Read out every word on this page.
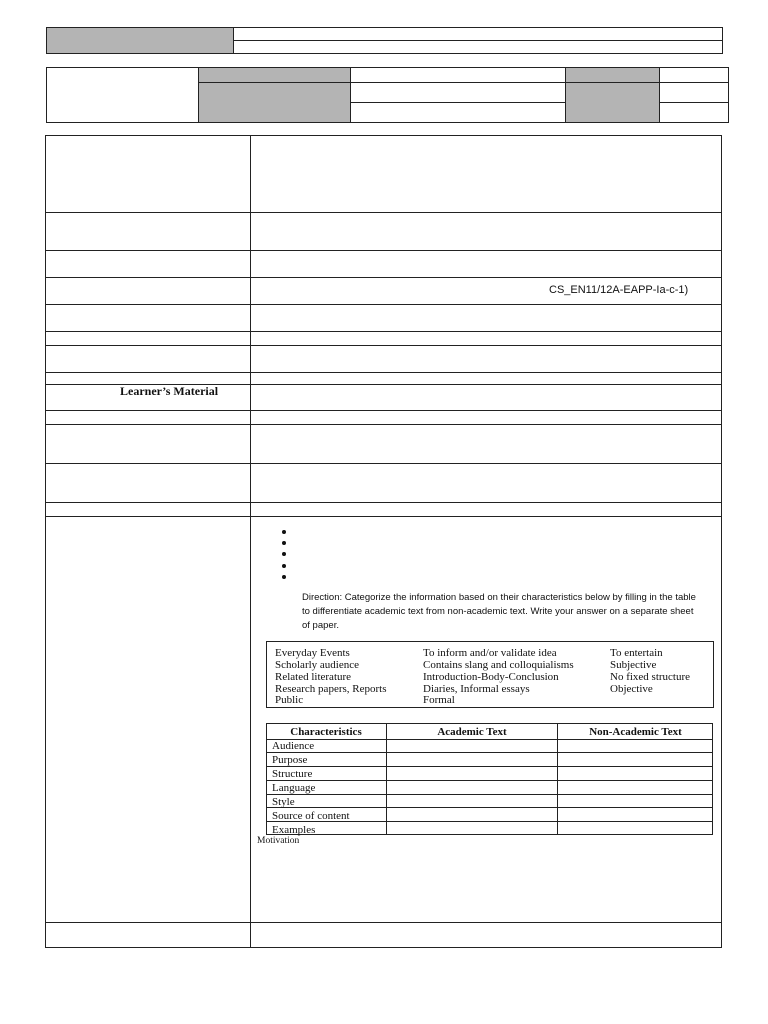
CS_EN11/12A-EAPP-Ia-c-1)
Learner’s Material
Direction: Categorize the information based on their characteristics below by filling in the table to differentiate academic text from non-academic text. Write your answer on a separate sheet of paper.
Everyday Events
Scholarly audience
Related literature
Research papers, Reports
Public
To inform and/or validate idea
Contains slang and colloquialisms
Introduction-Body-Conclusion
Diaries, Informal essays
Formal
To entertain
Subjective
No fixed structure
Objective
Characteristics	Academic Text	Non-Academic Text
Audience
Purpose
Structure
Language
Style
Source of content
Examples
Motivation
